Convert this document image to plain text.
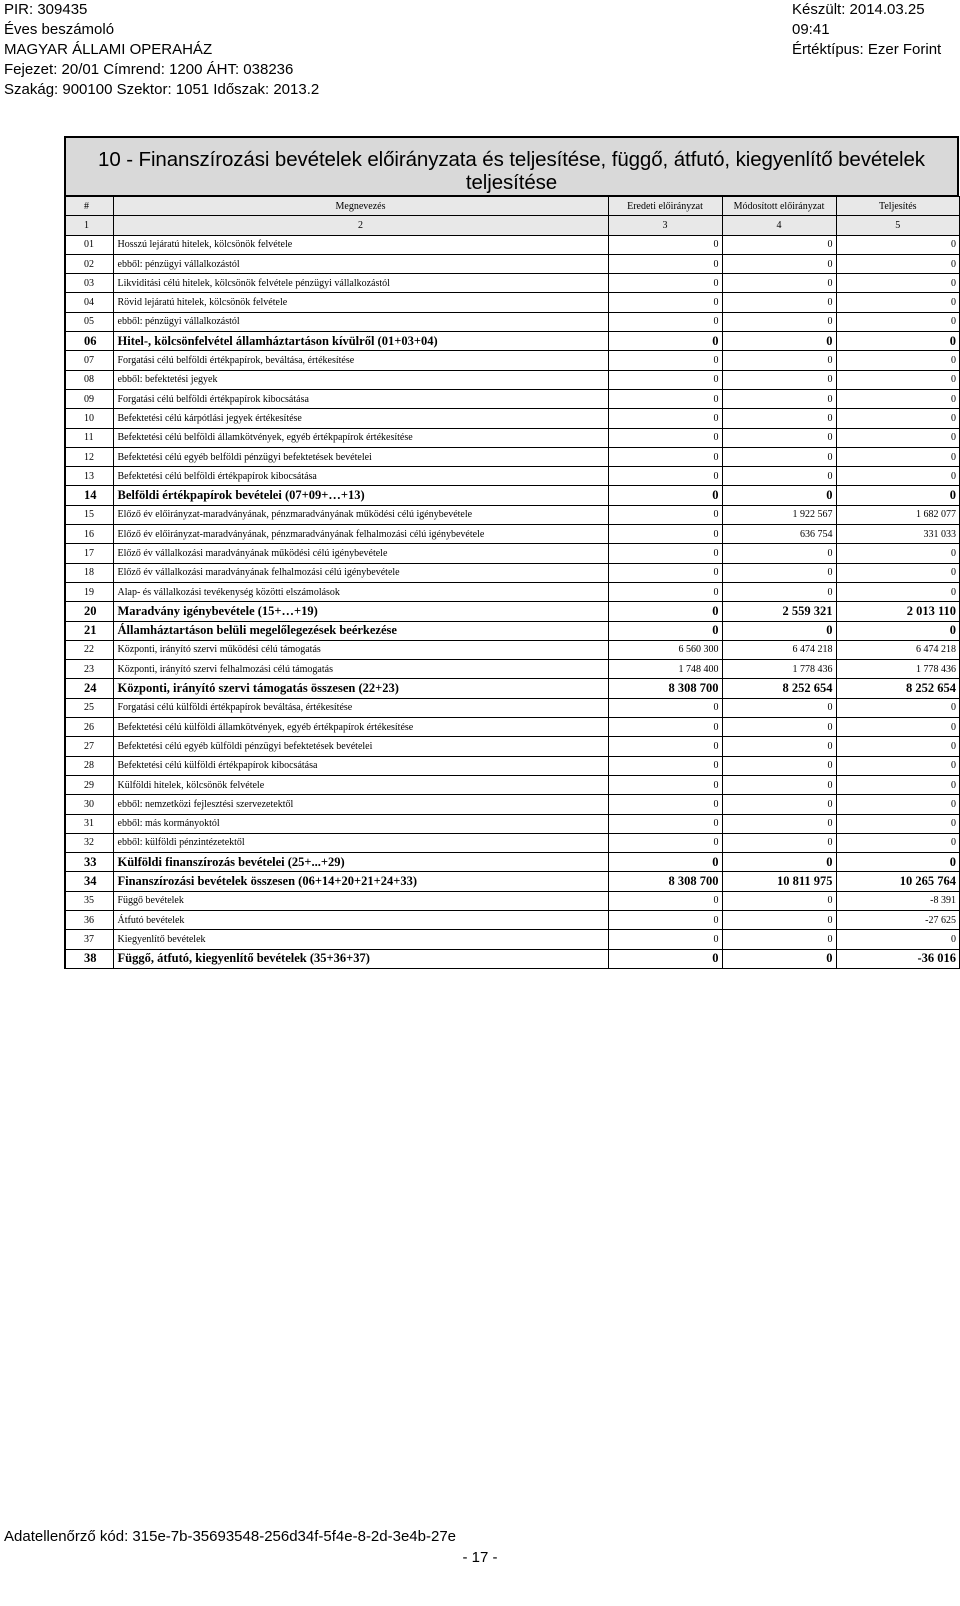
PIR: 309435
Éves beszámoló
MAGYAR ÁLLAMI OPERAHÁZ
Fejezet: 20/01 Címrend: 1200 ÁHT: 038236
Szakág: 900100 Szektor: 1051 Időszak: 2013.2
Készült: 2014.03.25 09:41
Értéktípus: Ezer Forint
10 - Finanszírozási bevételek előirányzata és teljesítése, függő, átfutó, kiegyenlítő bevételek
teljesítése
#	Megnevezés	Eredeti előirányzat	Módosított előirányzat	Teljesítés
1	2	3	4	5
01	Hosszú lejáratú hitelek, kölcsönök felvétele	0	0	0
02	ebből: pénzügyi vállalkozástól	0	0	0
03	Likviditási célú hitelek, kölcsönök felvétele pénzügyi vállalkozástól	0	0	0
04	Rövid lejáratú hitelek, kölcsönök felvétele	0	0	0
05	ebből: pénzügyi vállalkozástól	0	0	0
06	Hitel-, kölcsönfelvétel államháztartáson kívülről (01+03+04)	0	0	0
07	Forgatási célú belföldi értékpapírok, beváltása, értékesítése	0	0	0
08	ebből: befektetési jegyek	0	0	0
09	Forgatási célú belföldi értékpapírok kibocsátása	0	0	0
10	Befektetési célú kárpótlási jegyek értékesítése	0	0	0
11	Befektetési célú belföldi államkötvények, egyéb értékpapírok értékesítése	0	0	0
12	Befektetési célú egyéb belföldi pénzügyi befektetések bevételei	0	0	0
13	Befektetési célú belföldi értékpapírok kibocsátása	0	0	0
14	Belföldi értékpapírok bevételei (07+09+…+13)	0	0	0
15	Előző év előirányzat-maradványának, pénzmaradványának működési célú igénybevétele	0	1 922 567	1 682 077
16	Előző év előirányzat-maradványának, pénzmaradványának felhalmozási célú igénybevétele	0	636 754	331 033
17	Előző év vállalkozási maradványának működési célú igénybevétele	0	0	0
18	Előző év vállalkozási maradványának felhalmozási célú igénybevétele	0	0	0
19	Alap- és vállalkozási tevékenység közötti elszámolások	0	0	0
20	Maradvány igénybevétele (15+…+19)	0	2 559 321	2 013 110
21	Államháztartáson belüli megelőlegezések beérkezése	0	0	0
22	Központi, irányító szervi működési célú támogatás	6 560 300	6 474 218	6 474 218
23	Központi, irányító szervi felhalmozási célú támogatás	1 748 400	1 778 436	1 778 436
24	Központi, irányító szervi támogatás összesen (22+23)	8 308 700	8 252 654	8 252 654
25	Forgatási célú külföldi értékpapírok beváltása, értékesítése	0	0	0
26	Befektetési célú külföldi államkötvények, egyéb értékpapírok értékesítése	0	0	0
27	Befektetési célú egyéb külföldi pénzügyi befektetések bevételei	0	0	0
28	Befektetési célú külföldi értékpapírok kibocsátása	0	0	0
29	Külföldi hitelek, kölcsönök felvétele	0	0	0
30	ebből: nemzetközi fejlesztési szervezetektől	0	0	0
31	ebből: más kormányoktól	0	0	0
32	ebből: külföldi pénzintézetektől	0	0	0
33	Külföldi finanszírozás bevételei (25+...+29)	0	0	0
34	Finanszírozási bevételek összesen (06+14+20+21+24+33)	8 308 700	10 811 975	10 265 764
35	Függő bevételek	0	0	-8 391
36	Átfutó bevételek	0	0	-27 625
37	Kiegyenlítő bevételek	0	0	0
38	Függő, átfutó, kiegyenlítő bevételek (35+36+37)	0	0	-36 016
Adatellenőrző kód: 315e-7b-35693548-256d34f-5f4e-8-2d-3e4b-27e
- 17 -
